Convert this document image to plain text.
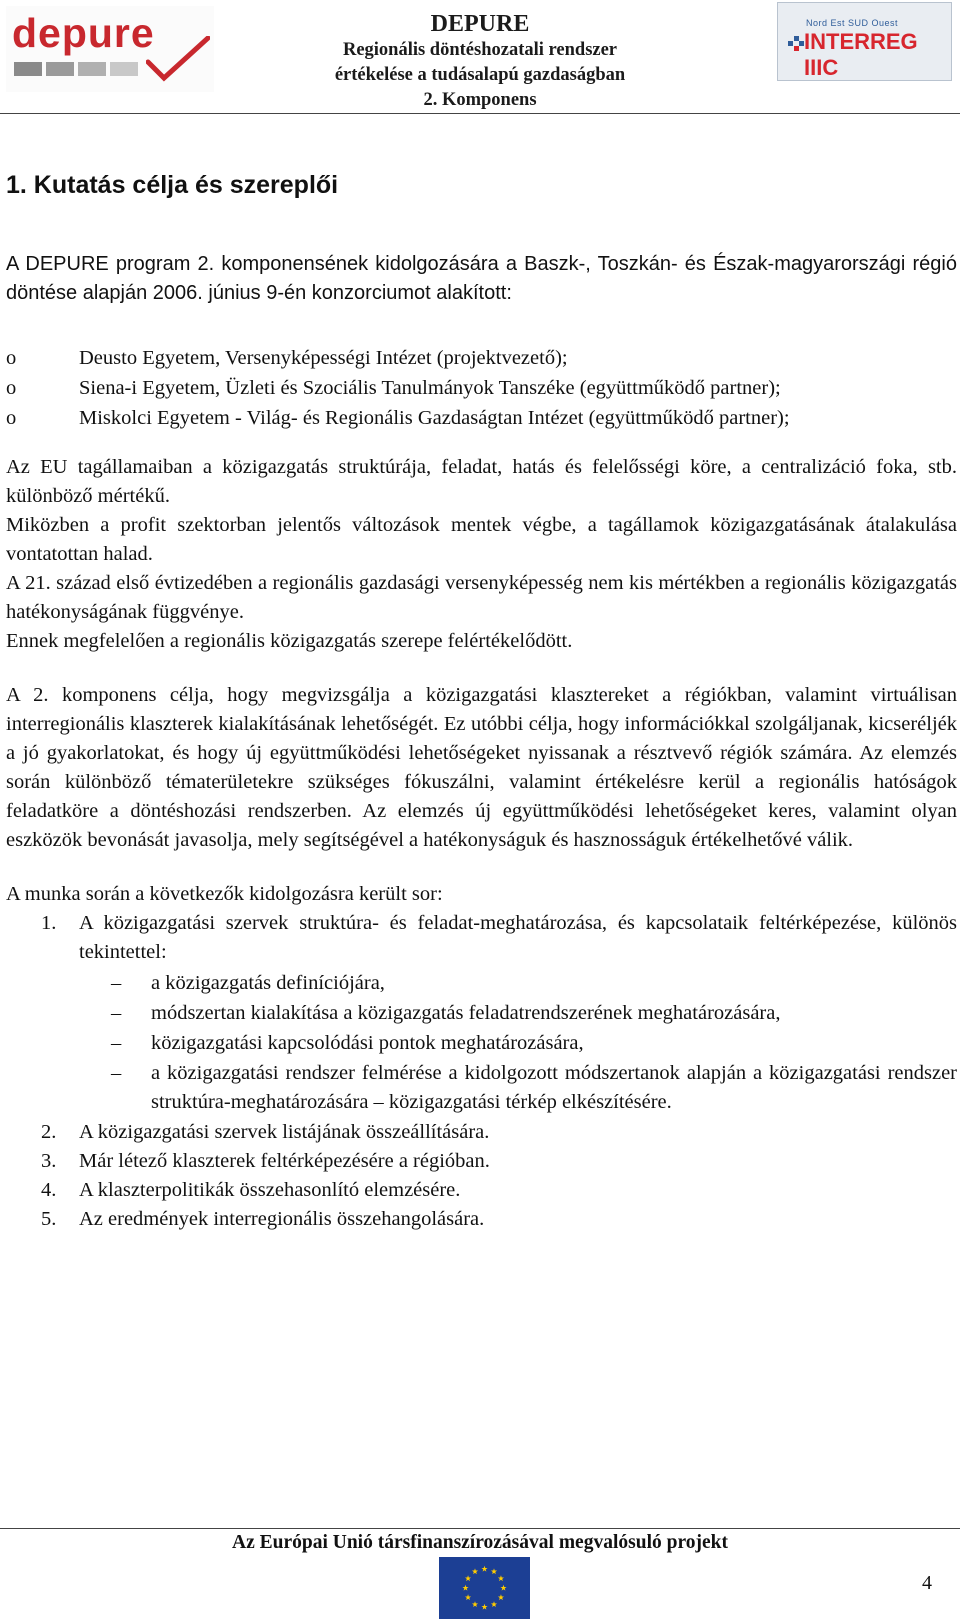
depure	DEPURE
Regionális döntéshozatali rendszer
értékelése a tudásalapú gazdaságban
2. Komponens
Nord Est SUD Ouest
INTERREG IIIC
1. Kutatás célja és szereplői

A DEPURE program 2. komponensének kidolgozására a Baszk-, Toszkán- és Észak-magyarországi régió döntése alapján 2006. június 9-én konzorciumot alakított:

o	Deusto Egyetem, Versenyképességi Intézet (projektvezető);
o	Siena-i Egyetem, Üzleti és Szociális Tanulmányok Tanszéke (együttműködő partner);
o	Miskolci Egyetem - Világ- és Regionális Gazdaságtan Intézet (együttműködő partner);

Az EU tagállamaiban a közigazgatás struktúrája, feladat, hatás és felelősségi köre, a centralizáció foka, stb. különböző mértékű.

Miközben a profit szektorban jelentős változások mentek végbe, a tagállamok közigazgatásának átalakulása vontatottan halad.

A 21. század első évtizedében a regionális gazdasági versenyképesség nem kis mértékben a regionális közigazgatás hatékonyságának függvénye.

Ennek megfelelően a regionális közigazgatás szerepe felértékelődött.

A 2. komponens célja, hogy megvizsgálja a közigazgatási klasztereket a régiókban, valamint virtuálisan interregionális klaszterek kialakításának lehetőségét. Ez utóbbi célja, hogy információkkal szolgáljanak, kicseréljék a jó gyakorlatokat, és hogy új együttműködési lehetőségeket nyissanak a résztvevő régiók számára. Az elemzés során különböző tématerületekre szükséges fókuszálni, valamint értékelésre kerül a regionális hatóságok feladatköre a döntéshozási rendszerben. Az elemzés új együttműködési lehetőségeket keres, valamint olyan eszközök bevonását javasolja, mely segítségével a hatékonyságuk és hasznosságuk értékelhetővé válik.

A munka során a következők kidolgozásra került sor:

1. A közigazgatási szervek struktúra- és feladat-meghatározása, és kapcsolataik feltérképezése, különös tekintettel:

– a közigazgatás definíciójára,
– módszertan kialakítása a közigazgatás feladatrendszerének meghatározására,
– közigazgatási kapcsolódási pontok meghatározására,
– a közigazgatási rendszer felmérése a kidolgozott módszertanok alapján a közigazgatási rendszer struktúra-meghatározására – közigazgatási térkép elkészítésére.
2. A közigazgatási szervek listájának összeállítására.
3. Már létező klaszterek feltérképezésére a régióban.
4. A klaszterpolitikák összehasonlító elemzésére.
5. Az eredmények interregionális összehangolására.
Az Európai Unió társfinanszírozásával megvalósuló projekt
4
